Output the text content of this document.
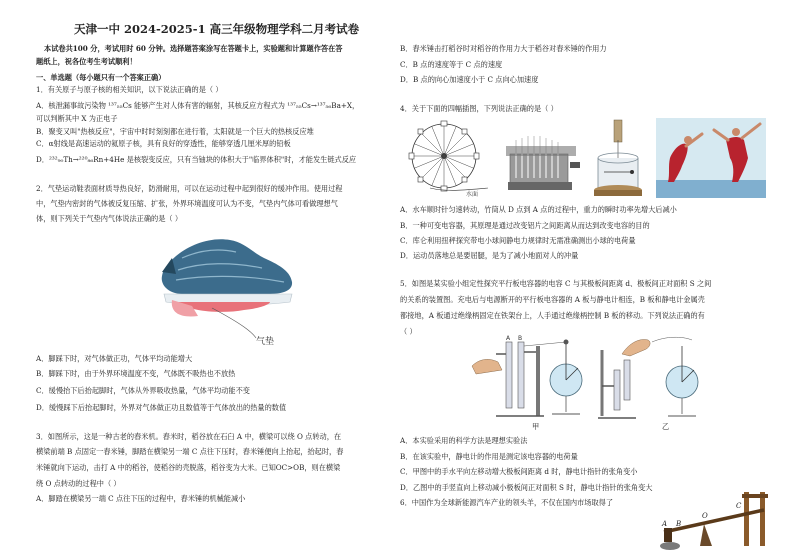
天津一中 2024-2025-1 高三年级物理学科二月考试卷
本试卷共100 分，考试用时 60 分钟。选择题答案涂写在答题卡上，实验题和计算题作答在答
题纸上，祝各位考生考试顺利！
一、单选题（每小题只有一个答案正确）
1．有关原子与原子核的相关知识，以下说法正确的是（ ）
A．核泄漏事故污染物 ¹³⁷₅₅Cs 能够产生对人体有害的辐射，其核反应方程式为 ¹³⁷₅₅Cs→¹³⁷₅₆Ba+X，
可以判断其中 X 为正电子
B．聚变又叫"热核反应"，宇宙中时时刻刻都在进行着，太阳就是一个巨大的热核反应堆
C．α射线是高速运动的氦原子核，具有良好的穿透性，能够穿透几厘米厚的铅板
D．²³²₉₀Th→²²⁰₈₆Rn+4He 是核裂变反应，只有当铀块的体积大于"临界体积"时，才能发生链式反应
2．气垫运动鞋表面材质导热良好，防滑耐用，可以在运动过程中起到很好的缓冲作用。使用过程
中，气垫内密封的气体被反复压缩、扩张，外界环境温度可认为不变，气垫内气体可看做理想气
体，则下列关于气垫内气体说法正确的是（ ）
气垫
A．脚踩下时，对气体做正功，气体平均动能增大
B．脚踩下时，由于外界环境温度不变，气体既不吸热也不放热
C．缓慢抬下后抬起脚时，气体从外界吸收热量，气体平均动能不变
D．缓慢踩下后抬起脚时，外界对气体做正功且数值等于气体放出的热量的数值
3．如图所示，这是一种古老的舂米机。舂米时，稻谷放在石臼 A 中，横梁可以绕 O 点转动，在
横梁前端 B 点固定一舂米锤，脚踏在横梁另一端 C 点往下压时，舂米锤便向上抬起，抬起时，舂
米锤就向下运动，击打 A 中的稻谷，使稻谷的壳脱落，稻谷变为大米。已知OC>OB，则在横梁
绕 O 点转动的过程中（ ）
A．脚踏在横梁另一端 C 点往下压的过程中，舂米锤的机械能减小
B．舂米锤击打稻谷时对稻谷的作用力大于稻谷对舂米锤的作用力
C．B 点的速度等于 C 点的速度
D．B 点的向心加速度小于 C 点向心加速度
4．关于下面的四幅插图，下列说法正确的是（ ）
水面
A．水车顺时针匀速转动，竹筒从 D 点到 A 点的过程中，重力的瞬时功率先增大后减小
B．一种可变电容器，其原理是通过改变铝片之间距离从而达到改变电容的目的
C．库仑利用扭秤探究带电小球间静电力规律时无需准确测出小球的电荷量
D．运动员落地总是要屈腿，是为了减小地面对人的冲量
5．如图是某实验小组定性探究平行板电容器的电容 C 与其极板间距离 d、极板间正对面积 S 之间
的关系的装置图。充电后与电源断开的平行板电容器的 A 板与静电计相连，B 板和静电计金属壳
都接地，A 板通过绝缘柄固定在铁架台上，人手通过绝缘柄控制 B 板的移动。下列说法正确的有
（ ）
A B
甲	乙
A．本实验采用的科学方法是理想实验法
B．在该实验中，静电计的作用是测定该电容器的电荷量
C．甲图中的手水平向左移动增大极板间距离 d 时，静电计指针的张角变小
D．乙图中的手竖直向上移动减小极板间正对面积 S 时，静电计指针的张角变大
6．中国作为全球新能源汽车产业的领头羊，不仅在国内市场取得了
A B
O
C
